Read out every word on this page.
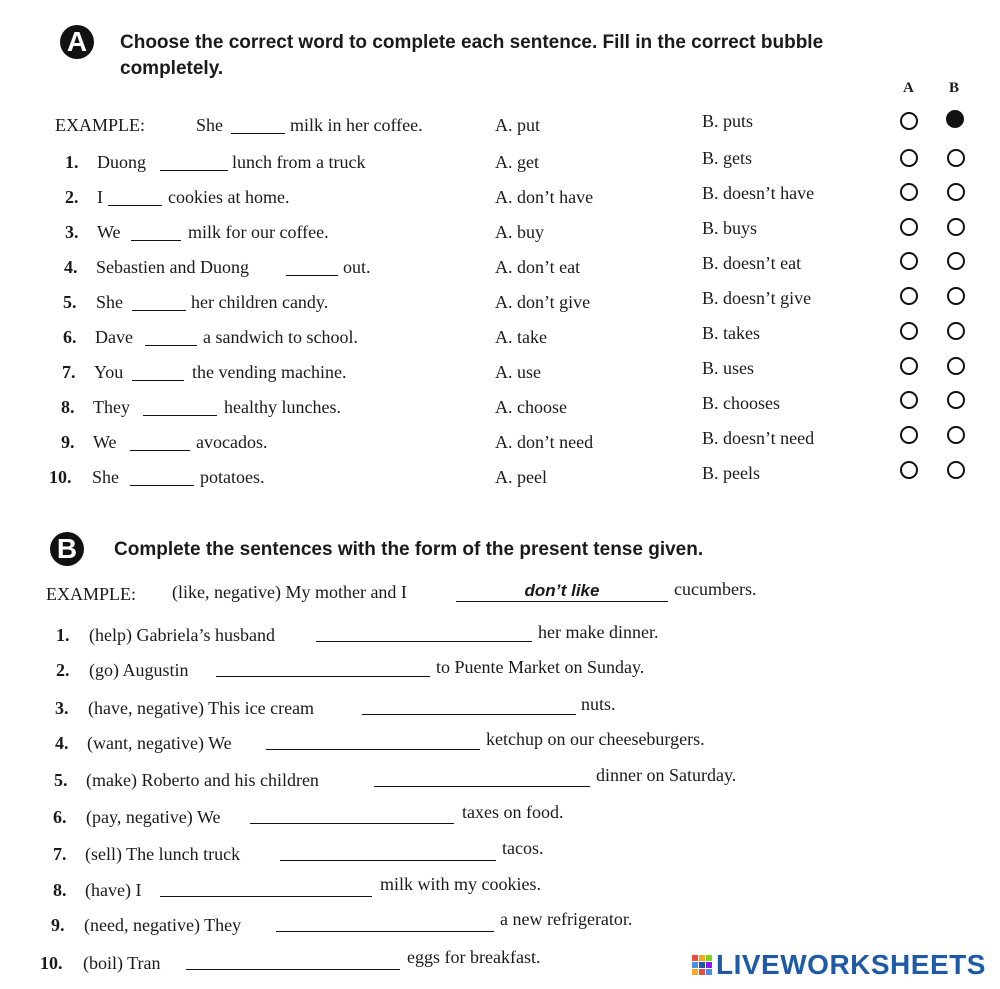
A	Choose the correct word to complete each sentence. Fill in the correct bubble completely.
A B
EXAMPLE:	She	milk in her coffee.	A. put	B. puts
1. Duong	lunch from a truck	A. get	B. gets
2. I	cookies at home.	A. don’t have	B. doesn’t have
3. We	milk for our coffee.	A. buy	B. buys
4. Sebastien and Duong	out.	A. don’t eat	B. doesn’t eat
5. She	her children candy.	A. don’t give	B. doesn’t give
6. Dave	a sandwich to school.	A. take	B. takes
7. You	the vending machine.	A. use	B. uses
8. They	healthy lunches.	A. choose	B. chooses
9. We	avocados.	A. don’t need	B. doesn’t need
10. She	potatoes.	A. peel	B. peels
B	Complete the sentences with the form of the present tense given.
EXAMPLE: (like, negative) My mother and I	don’t like	cucumbers.
1. (help) Gabriela’s husband	her make dinner.
2. (go) Augustin	to Puente Market on Sunday.
3. (have, negative) This ice cream	nuts.
4. (want, negative) We	ketchup on our cheeseburgers.
5. (make) Roberto and his children	dinner on Saturday.
6. (pay, negative) We	taxes on food.
7. (sell) The lunch truck	tacos.
8. (have) I	milk with my cookies.
9. (need, negative) They	a new refrigerator.
10. (boil) Tran	eggs for breakfast.	LIVEWORKSHEETS
